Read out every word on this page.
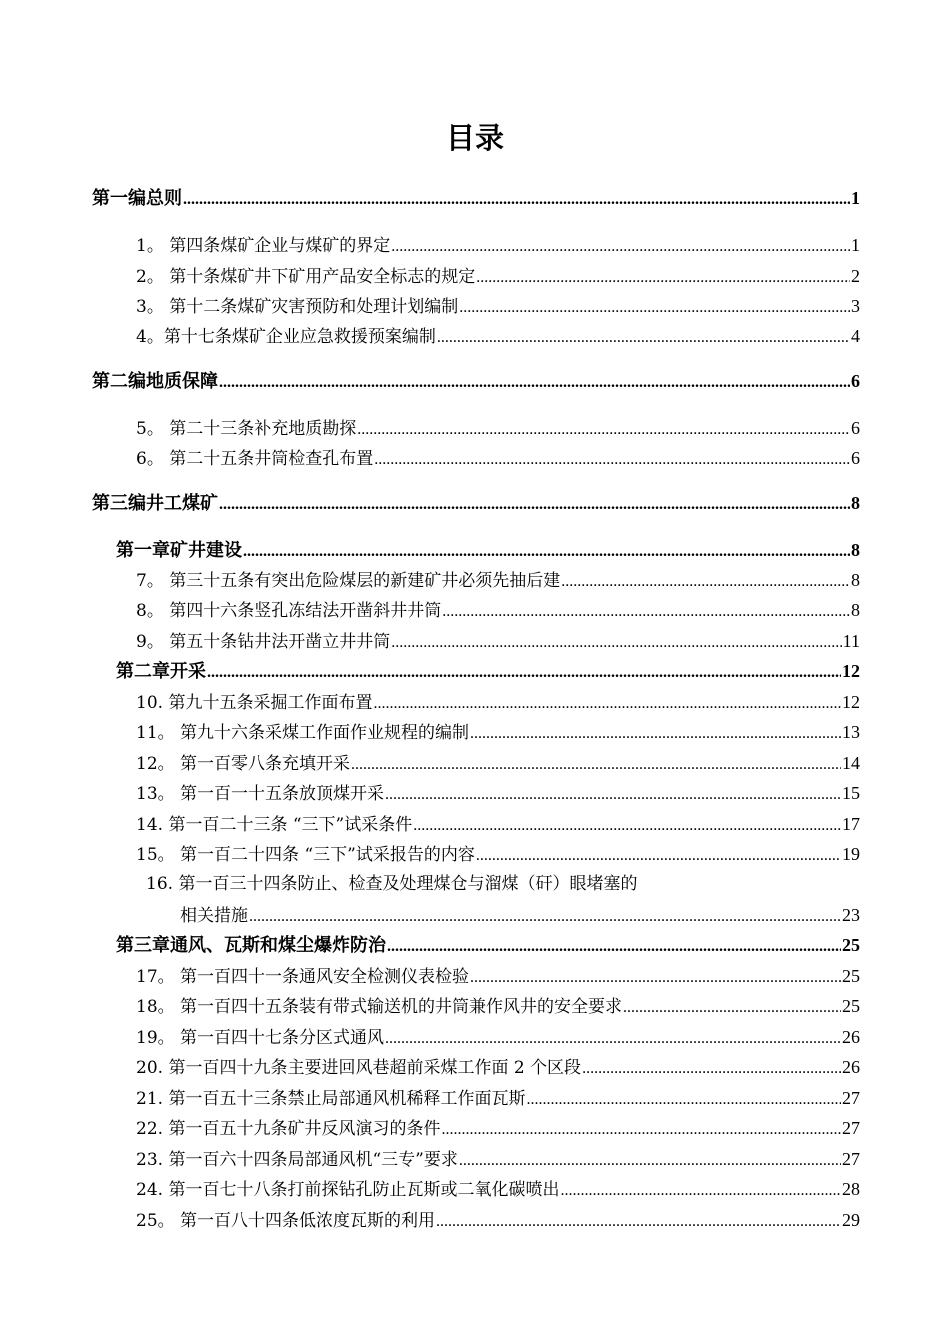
目录
第一编总则 .....	1
1。 第四条煤矿企业与煤矿的界定 .....	1
2。 第十条煤矿井下矿用产品安全标志的规定 .....	2
3。 第十二条煤矿灾害预防和处理计划编制 .....	3
4。第十七条煤矿企业应急救援预案编制 .....	4
第二编地质保障 .....	6
5。 第二十三条补充地质勘探 .....	6
6。 第二十五条井筒检查孔布置 .....	6
第三编井工煤矿 .....	8
第一章矿井建设 .....	8
7。 第三十五条有突出危险煤层的新建矿井必须先抽后建 .....	8
8。 第四十六条竖孔冻结法开凿斜井井筒 .....	8
9。 第五十条钻井法开凿立井井筒 .....	11
第二章开采 .....	12
10. 第九十五条采掘工作面布置 .....	12
11。 第九十六条采煤工作面作业规程的编制 .....	13
12。 第一百零八条充填开采 .....	14
13。 第一百一十五条放顶煤开采 .....	15
14. 第一百二十三条 “三下”试采条件 .....	17
15。 第一百二十四条 “三下”试采报告的内容 .....	19
16. 第一百三十四条防止、检查及处理煤仓与溜煤（矸）眼堵塞的
相关措施 .....	23
第三章通风、瓦斯和煤尘爆炸防治 .....	25
17。 第一百四十一条通风安全检测仪表检验 .....	25
18。 第一百四十五条装有带式输送机的井筒兼作风井的安全要求 .....	25
19。 第一百四十七条分区式通风 .....	26
20. 第一百四十九条主要进回风巷超前采煤工作面 2 个区段 .....	26
21. 第一百五十三条禁止局部通风机稀释工作面瓦斯 .....	27
22. 第一百五十九条矿井反风演习的条件 .....	27
23. 第一百六十四条局部通风机“三专”要求 .....	27
24. 第一百七十八条打前探钻孔防止瓦斯或二氧化碳喷出 .....	28
25。 第一百八十四条低浓度瓦斯的利用 .....	29
